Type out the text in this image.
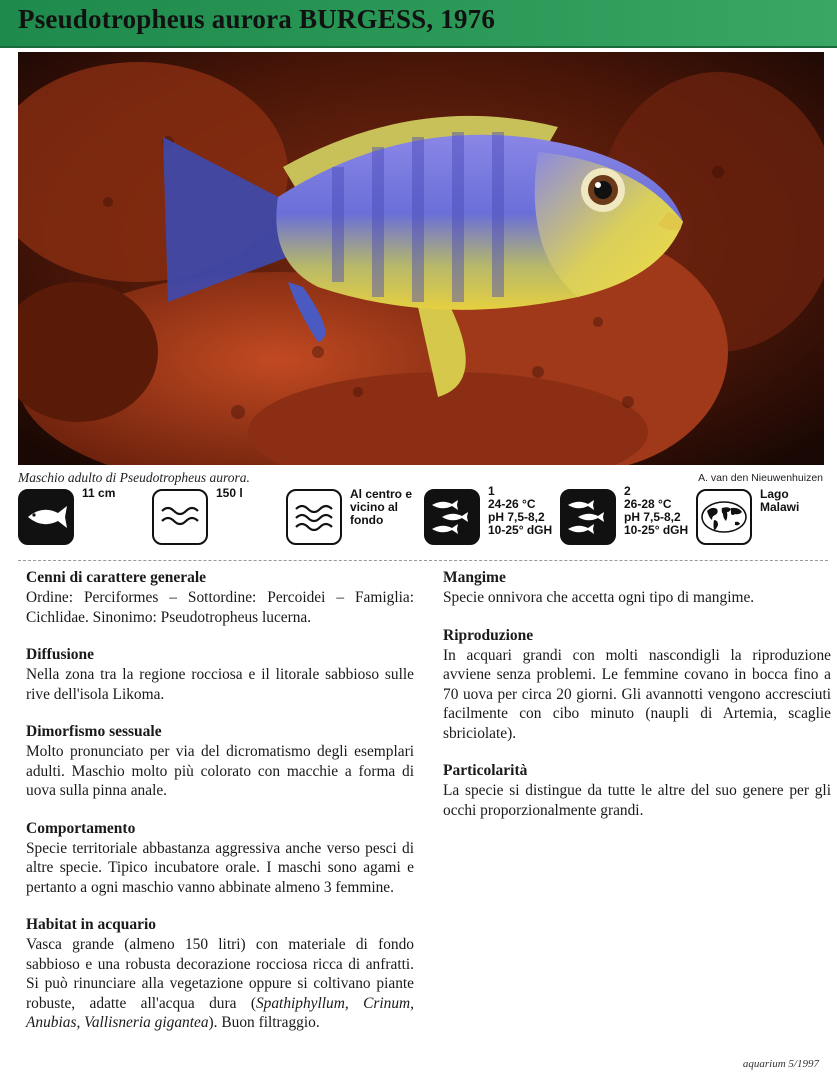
Pseudotropheus aurora BURGESS, 1976
Maschio adulto di Pseudotropheus aurora.	A. van den Nieuwenhuizen
11 cm	150 l	Al centro e
vicino al
fondo
1
24-26 °C
pH 7,5-8,2
10-25° dGH
2
26-28 °C
pH 7,5-8,2
10-25° dGH
Lago
Malawi
Cenni di carattere generale

Ordine: Perciformes – Sottordine: Percoidei – Famiglia: Cichlidae. Sinonimo: Pseudotropheus lucerna.

Diffusione

Nella zona tra la regione rocciosa e il litorale sabbioso sulle rive dell'isola Likoma.

Dimorfismo sessuale

Molto pronunciato per via del dicromatismo degli esemplari adulti. Maschio molto più colorato con macchie a forma di uova sulla pinna anale.

Comportamento

Specie territoriale abbastanza aggressiva anche verso pesci di altre specie. Tipico incubatore orale. I maschi sono agami e pertanto a ogni maschio vanno abbinate almeno 3 femmine.

Habitat in acquario

Vasca grande (almeno 150 litri) con materiale di fondo sabbioso e una robusta decorazione rocciosa ricca di anfratti. Si può rinunciare alla vegetazione oppure si coltivano piante robuste, adatte all'acqua dura (Spathiphyllum, Crinum, Anubias, Vallisneria gigantea). Buon filtraggio.

Mangime

Specie onnivora che accetta ogni tipo di mangime.

Riproduzione

In acquari grandi con molti nascondigli la riproduzione avviene senza problemi. Le femmine covano in bocca fino a 70 uova per circa 20 giorni. Gli avannotti vengono accresciuti facilmente con cibo minuto (naupli di Artemia, scaglie sbriciolate).

Particolarità

La specie si distingue da tutte le altre del suo genere per gli occhi proporzionalmente grandi.

aquarium 5/1997
